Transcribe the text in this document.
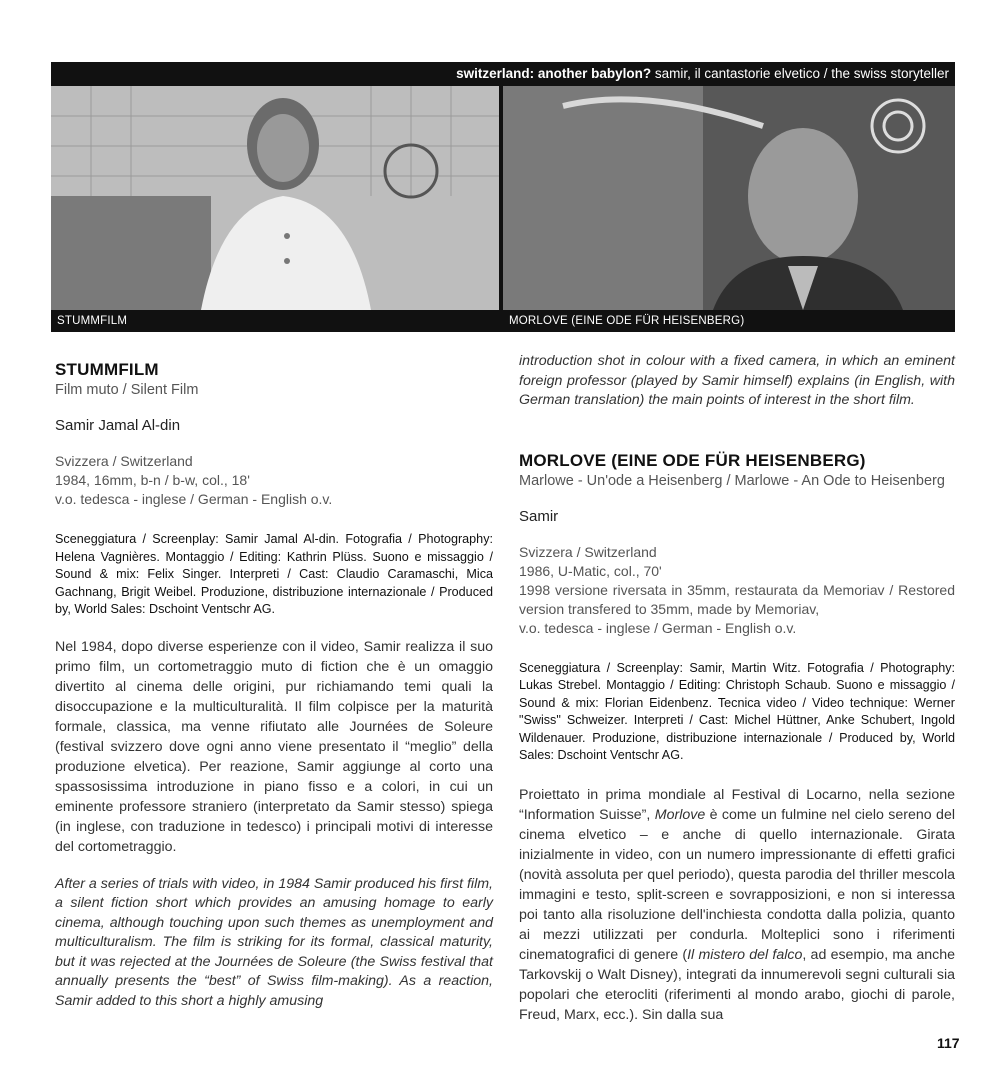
switzerland: another babylon? samir, il cantastorie elvetico / the swiss storyteller
STUMMFILM	MORLOVE (EINE ODE FÜR HEISENBERG)
STUMMFILM

Film muto / Silent Film

Samir Jamal Al-din

Svizzera / Switzerland

1984, 16mm, b-n / b-w, col., 18'

v.o. tedesca - inglese / German - English o.v.

Sceneggiatura / Screenplay: Samir Jamal Al-din. Fotografia / Photography: Helena Vagnières. Montaggio / Editing: Kathrin Plüss. Suono e missaggio / Sound & mix: Felix Singer. Interpreti / Cast: Claudio Caramaschi, Mica Gachnang, Brigit Weibel. Produzione, distribuzione internazionale / Produced by, World Sales: Dschoint Ventschr AG.

Nel 1984, dopo diverse esperienze con il video, Samir realizza il suo primo film, un cortometraggio muto di fiction che è un omaggio divertito al cinema delle origini, pur richiamando temi quali la disoccupazione e la multiculturalità. Il film colpisce per la maturità formale, classica, ma venne rifiutato alle Journées de Soleure (festival svizzero dove ogni anno viene presentato il “meglio” della produzione elvetica). Per reazione, Samir aggiunge al corto una spassosissima introduzione in piano fisso e a colori, in cui un eminente professore straniero (interpretato da Samir stesso) spiega (in inglese, con traduzione in tedesco) i principali motivi di interesse del cortometraggio.

After a series of trials with video, in 1984 Samir produced his first film, a silent fiction short which provides an amusing homage to early cinema, although touching upon such themes as unemployment and multiculturalism. The film is striking for its formal, classical maturity, but it was rejected at the Journées de Soleure (the Swiss festival that annually presents the “best” of Swiss film-making). As a reaction, Samir added to this short a highly amusing

introduction shot in colour with a fixed camera, in which an eminent foreign professor (played by Samir himself) explains (in English, with German translation) the main points of interest in the short film.

MORLOVE (EINE ODE FÜR HEISENBERG)

Marlowe - Un'ode a Heisenberg / Marlowe - An Ode to Heisenberg

Samir

Svizzera / Switzerland

1986, U-Matic, col., 70'

1998 versione riversata in 35mm, restaurata da Memoriav / Restored version transfered to 35mm, made by Memoriav,

v.o. tedesca - inglese / German - English o.v.

Sceneggiatura / Screenplay: Samir, Martin Witz. Fotografia / Photography: Lukas Strebel. Montaggio / Editing: Christoph Schaub. Suono e missaggio / Sound & mix: Florian Eidenbenz. Tecnica video / Video technique: Werner "Swiss" Schweizer. Interpreti / Cast: Michel Hüttner, Anke Schubert, Ingold Wildenauer. Produzione, distribuzione internazionale / Produced by, World Sales: Dschoint Ventschr AG.

Proiettato in prima mondiale al Festival di Locarno, nella sezione “Information Suisse”, Morlove è come un fulmine nel cielo sereno del cinema elvetico – e anche di quello internazionale. Girata inizialmente in video, con un numero impressionante di effetti grafici (novità assoluta per quel periodo), questa parodia del thriller mescola immagini e testo, split-screen e sovrapposizioni, e non si interessa poi tanto alla risoluzione dell'inchiesta condotta dalla polizia, quanto ai mezzi utilizzati per condurla. Molteplici sono i riferimenti cinematografici di genere (Il mistero del falco, ad esempio, ma anche Tarkovskij o Walt Disney), integrati da innumerevoli segni culturali sia popolari che eterocliti (riferimenti al mondo arabo, giochi di parole, Freud, Marx, ecc.). Sin dalla sua

117
